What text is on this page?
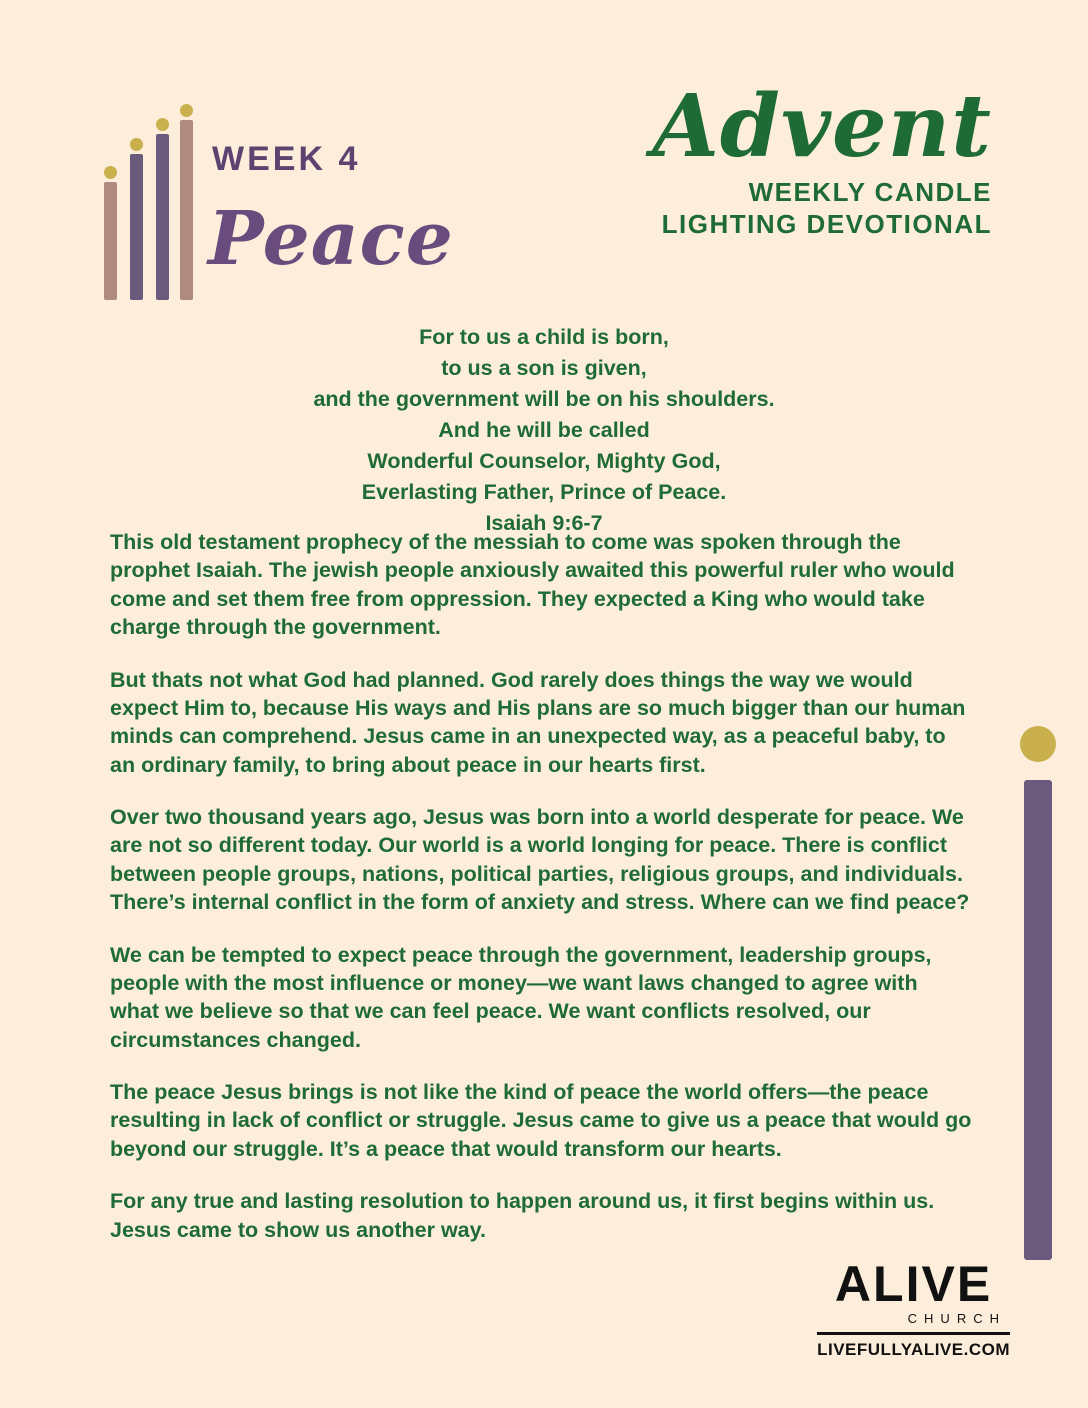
WEEK 4
Peace
Advent
WEEKLY CANDLE
LIGHTING DEVOTIONAL
For to us a child is born,
to us a son is given,
and the government will be on his shoulders.
And he will be called
Wonderful Counselor, Mighty God,
Everlasting Father, Prince of Peace.
Isaiah 9:6-7

This old testament prophecy of the messiah to come was spoken through the prophet Isaiah. The jewish people anxiously awaited this powerful ruler who would come and set them free from oppression. They expected a King who would take charge through the government.

But thats not what God had planned. God rarely does things the way we would expect Him to, because His ways and His plans are so much bigger than our human minds can comprehend. Jesus came in an unexpected way, as a peaceful baby, to an ordinary family, to bring about peace in our hearts first.

Over two thousand years ago, Jesus was born into a world desperate for peace. We are not so different today. Our world is a world longing for peace. There is conflict between people groups, nations, political parties, religious groups, and individuals. There’s internal conflict in the form of anxiety and stress. Where can we find peace?

We can be tempted to expect peace through the government, leadership groups, people with the most influence or money—we want laws changed to agree with what we believe so that we can feel peace. We want conflicts resolved, our circumstances changed.

The peace Jesus brings is not like the kind of peace the world offers—the peace resulting in lack of conflict or struggle. Jesus came to give us a peace that would go beyond our struggle. It’s a peace that would transform our hearts.

For any true and lasting resolution to happen around us, it first begins within us. Jesus came to show us another way.

ALIVE
CHURCH
LIVEFULLYALIVE.COM
